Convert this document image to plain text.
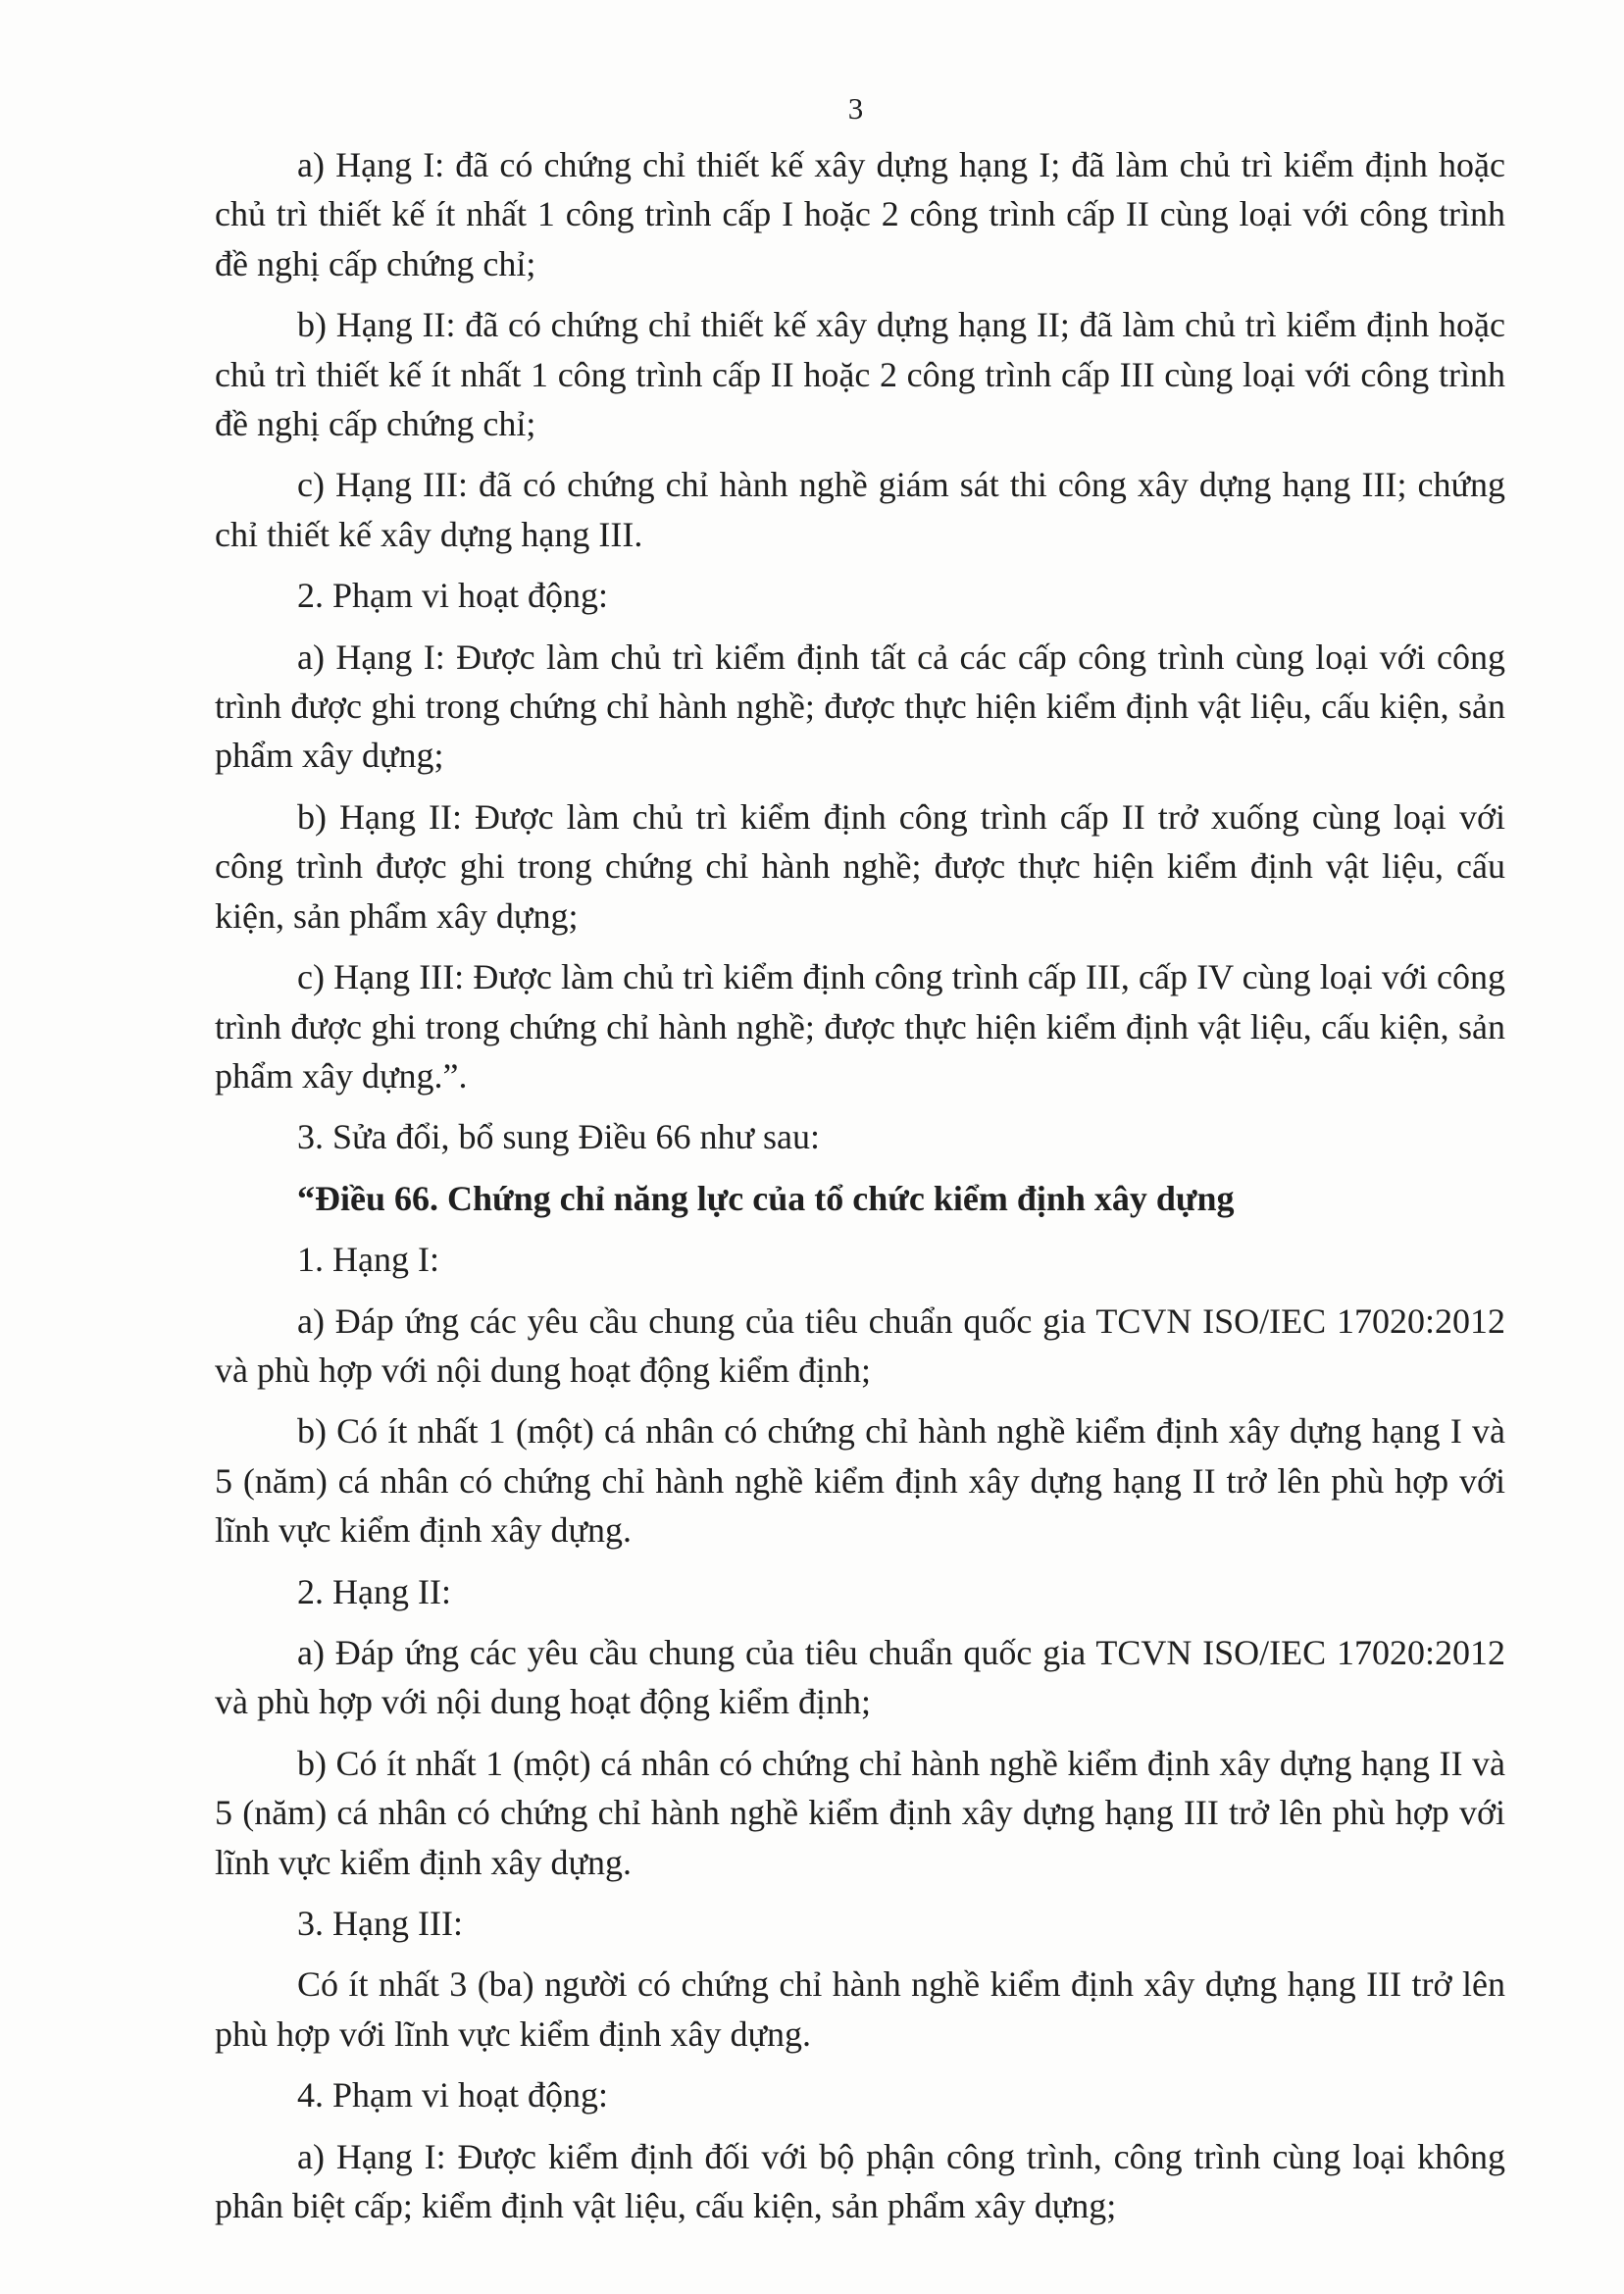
3

a) Hạng I: đã có chứng chỉ thiết kế xây dựng hạng I; đã làm chủ trì kiểm định hoặc chủ trì thiết kế ít nhất 1 công trình cấp I hoặc 2 công trình cấp II cùng loại với công trình đề nghị cấp chứng chỉ;

b) Hạng II: đã có chứng chỉ thiết kế xây dựng hạng II; đã làm chủ trì kiểm định hoặc chủ trì thiết kế ít nhất 1 công trình cấp II hoặc 2 công trình cấp III cùng loại với công trình đề nghị cấp chứng chỉ;

c) Hạng III: đã có chứng chỉ hành nghề giám sát thi công xây dựng hạng III; chứng chỉ thiết kế xây dựng hạng III.

2. Phạm vi hoạt động:

a) Hạng I: Được làm chủ trì kiểm định tất cả các cấp công trình cùng loại với công trình được ghi trong chứng chỉ hành nghề; được thực hiện kiểm định vật liệu, cấu kiện, sản phẩm xây dựng;

b) Hạng II: Được làm chủ trì kiểm định công trình cấp II trở xuống cùng loại với công trình được ghi trong chứng chỉ hành nghề; được thực hiện kiểm định vật liệu, cấu kiện, sản phẩm xây dựng;

c) Hạng III: Được làm chủ trì kiểm định công trình cấp III, cấp IV cùng loại với công trình được ghi trong chứng chỉ hành nghề; được thực hiện kiểm định vật liệu, cấu kiện, sản phẩm xây dựng.”.

3. Sửa đổi, bổ sung Điều 66 như sau:

“Điều 66. Chứng chỉ năng lực của tổ chức kiểm định xây dựng

1. Hạng I:

a) Đáp ứng các yêu cầu chung của tiêu chuẩn quốc gia TCVN ISO/IEC 17020:2012 và phù hợp với nội dung hoạt động kiểm định;

b) Có ít nhất 1 (một) cá nhân có chứng chỉ hành nghề kiểm định xây dựng hạng I và 5 (năm) cá nhân có chứng chỉ hành nghề kiểm định xây dựng hạng II trở lên phù hợp với lĩnh vực kiểm định xây dựng.

2. Hạng II:

a) Đáp ứng các yêu cầu chung của tiêu chuẩn quốc gia TCVN ISO/IEC 17020:2012 và phù hợp với nội dung hoạt động kiểm định;

b) Có ít nhất 1 (một) cá nhân có chứng chỉ hành nghề kiểm định xây dựng hạng II và 5 (năm) cá nhân có chứng chỉ hành nghề kiểm định xây dựng hạng III trở lên phù hợp với lĩnh vực kiểm định xây dựng.

3. Hạng III:

Có ít nhất 3 (ba) người có chứng chỉ hành nghề kiểm định xây dựng hạng III trở lên phù hợp với lĩnh vực kiểm định xây dựng.

4. Phạm vi hoạt động:

a) Hạng I: Được kiểm định đối với bộ phận công trình, công trình cùng loại không phân biệt cấp; kiểm định vật liệu, cấu kiện, sản phẩm xây dựng;
